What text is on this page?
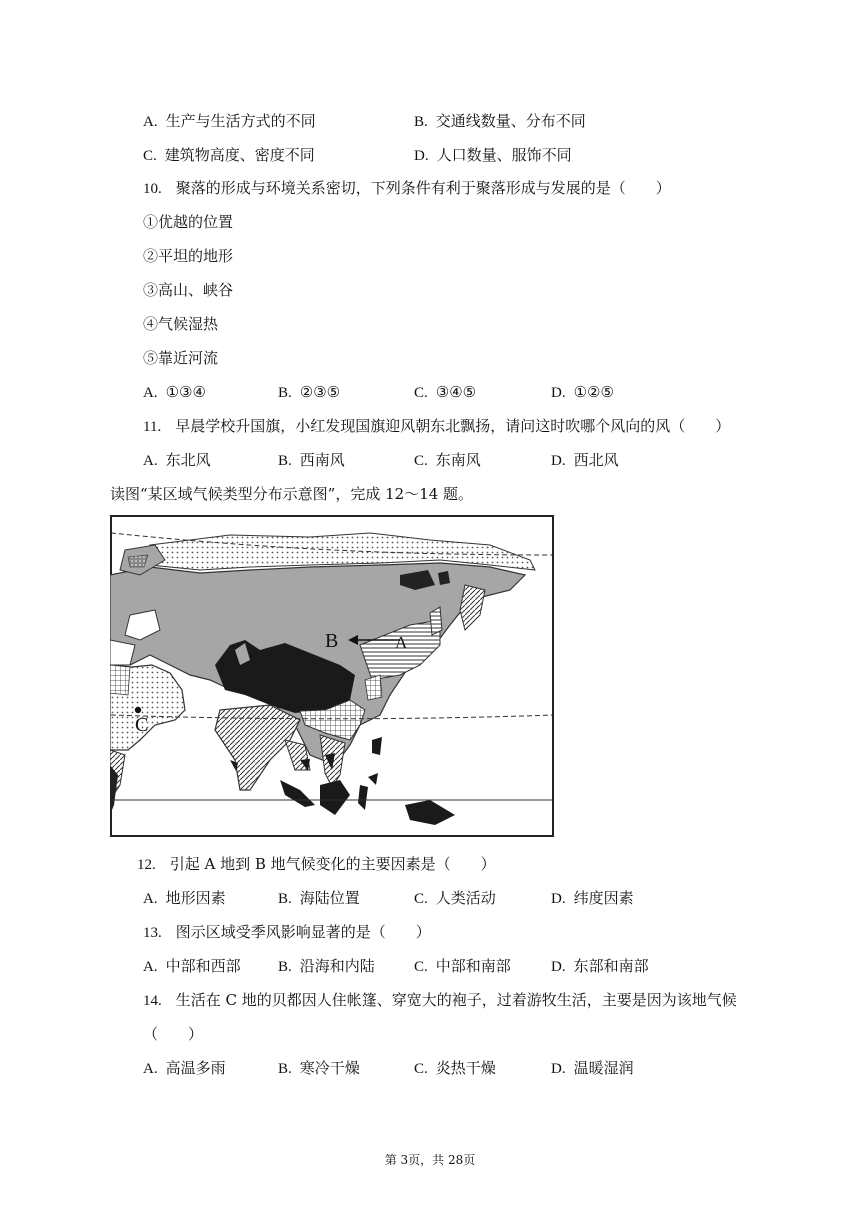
A. 生产与生活方式的不同	B. 交通线数量、分布不同
C. 建筑物高度、密度不同	D. 人口数量、服饰不同
10. 聚落的形成与环境关系密切，下列条件有利于聚落形成与发展的是（　　）
①优越的位置
②平坦的地形
③高山、峡谷
④气候湿热
⑤靠近河流
A. ①③④	B. ②③⑤	C. ③④⑤	D. ①②⑤
11. 早晨学校升国旗，小红发现国旗迎风朝东北飘扬，请问这时吹哪个风向的风（　　）
A. 东北风	B. 西南风	C. 东南风	D. 西北风
读图“某区域气候类型分布示意图”，完成 12～14 题。
B	A
C
12. 引起 A 地到 B 地气候变化的主要因素是（　　）
A. 地形因素	B. 海陆位置	C. 人类活动	D. 纬度因素
13. 图示区域受季风影响显著的是（　　）
A. 中部和西部 B. 沿海和内陆	C. 中部和南部	D. 东部和南部
14. 生活在 C 地的贝都因人住帐篷、穿宽大的袍子，过着游牧生活，主要是因为该地气候
（　　）
A. 高温多雨	B. 寒冷干燥	C. 炎热干燥	D. 温暖湿润
第 3页，共 28页
